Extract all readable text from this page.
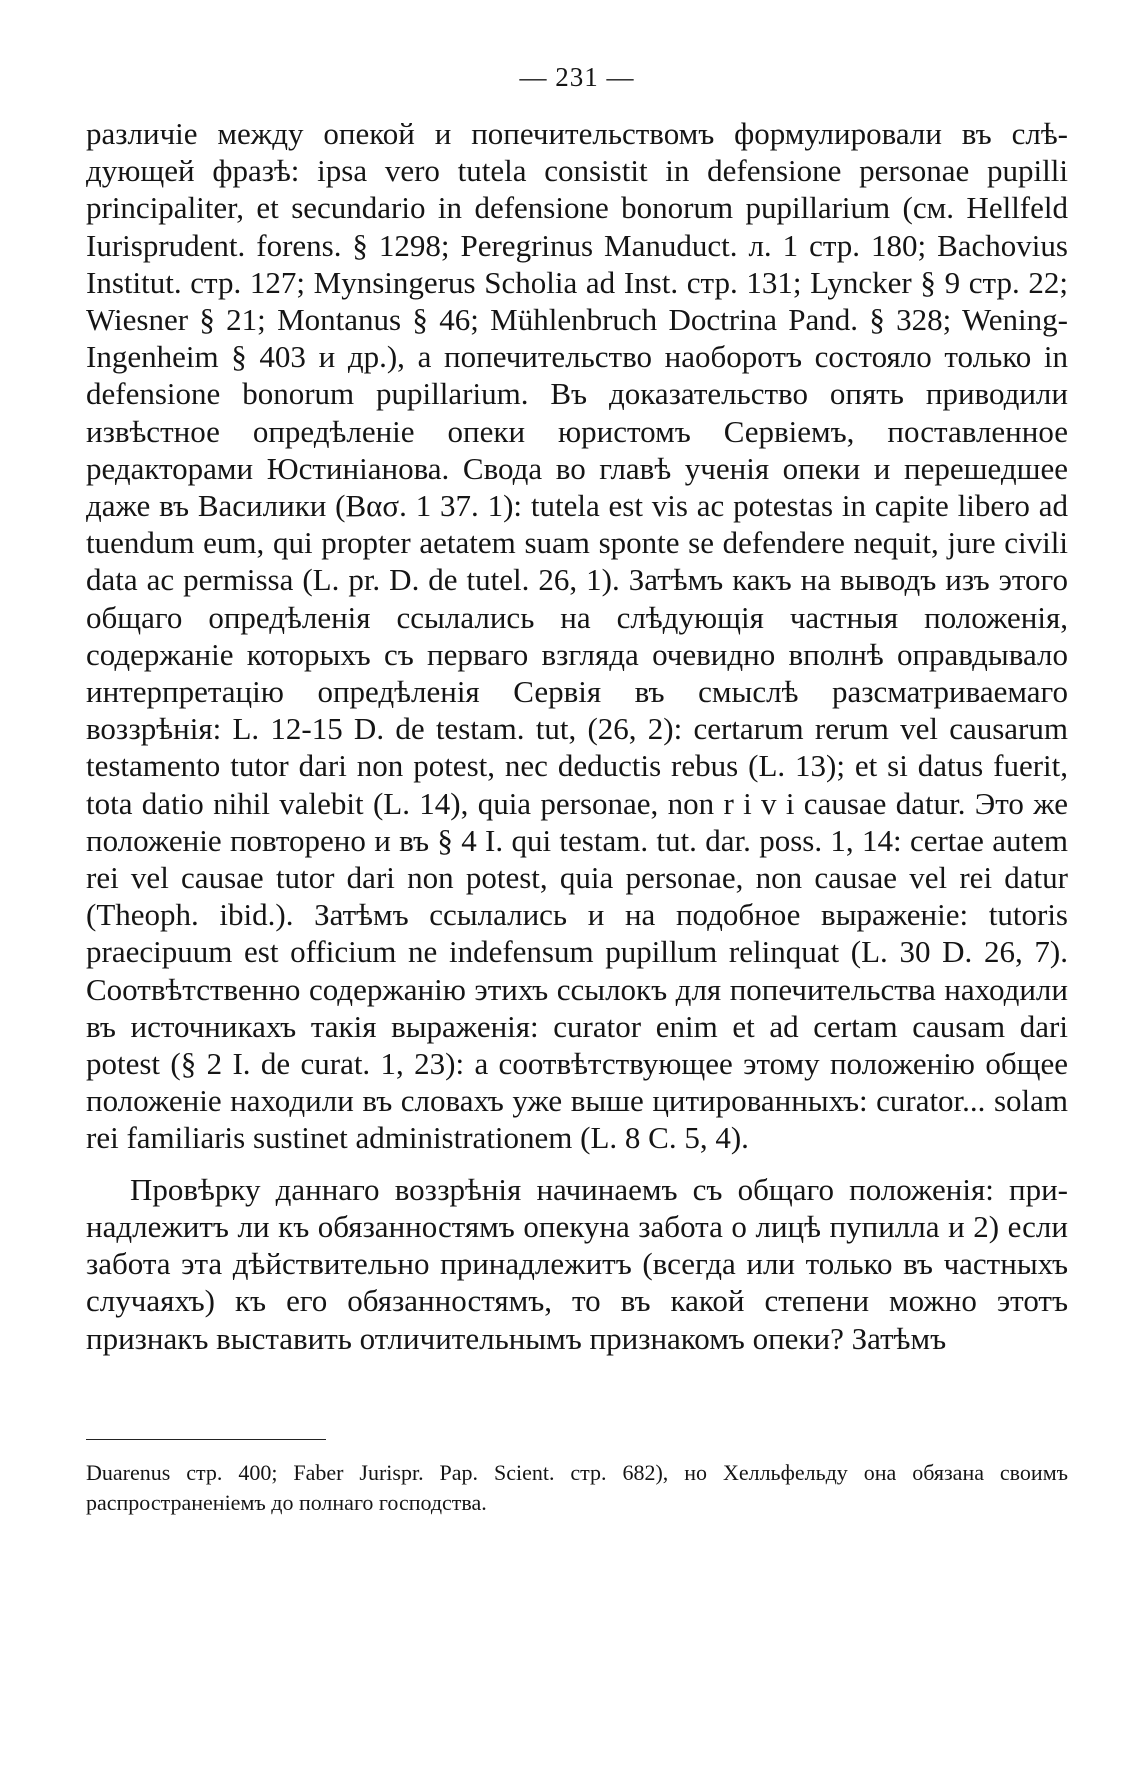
— 231 —

различіе между опекой и попечительствомъ формулировали въ слѣдующей фразѣ: ipsa vero tutela consistit in defensione personae pupilli principaliter, et secundario in defensione bonorum pupillarium (см. Hellfeld Iurisprudent. forens. § 1298; Peregrinus Manuduct. л. 1 стр. 180; Bachovius Institut. стр. 127; Mynsingerus Scholia ad Inst. стр. 131; Lyncker § 9 стр. 22; Wiesner § 21; Montanus § 46; Mühlenbruch Doctrina Pand. § 328; Wening-Ingenheim § 403 и др.), а попечительство наоборотъ состояло только in defensione bonorum pupillarium. Въ доказательство опять приводили извѣстное опредѣленіе опеки юристомъ Сервіемъ, поставленное редакторами Юстиніанова. Свода во главѣ ученія опеки и перешедшее даже въ Василики (Βασ. 1 37. 1): tutela est vis ac potestas in capite libero ad tuendum eum, qui propter aetatem suam sponte se defendere nequit, jure civili data ac permissa (L. pr. D. de tutel. 26, 1). Затѣмъ какъ на выводъ изъ этого общаго опредѣленія ссылались на слѣдующія частныя положенія, содержаніе которыхъ съ перваго взгляда очевидно вполнѣ оправдывало интерпретацію опредѣленія Сервія въ смыслѣ разсматриваемаго воззрѣнія: L. 12-15 D. de testam. tut, (26, 2): certarum rerum vel causarum testamento tutor dari non potest, nec deductis rebus (L. 13); et si datus fuerit, tota datio nihil valebit (L. 14), quia personae, non r i v i causae datur. Это же положеніе повторено и въ § 4 I. qui testam. tut. dar. poss. 1, 14: certae autem rei vel causae tutor dari non potest, quia personae, non causae vel rei datur (Theoph. ibid.). Затѣмъ ссылались и на подобное выраженіе: tutoris praecipuum est officium ne indefensum pupillum relinquat (L. 30 D. 26, 7). Соотвѣтственно содержанію этихъ ссылокъ для попечительства находили въ источникахъ такія выраженія: curator enim et ad certam causam dari potest (§ 2 I. de curat. 1, 23): а соотвѣтствующее этому положенію общее положеніе находили въ словахъ уже выше цитированныхъ: curator... solam rei familiaris sustinet administrationem (L. 8 C. 5, 4).

Провѣрку даннаго воззрѣнія начинаемъ съ общаго положенія: принадлежитъ ли къ обязанностямъ опекуна забота о лицѣ пупилла и 2) если забота эта дѣйствительно принадлежитъ (всегда или только въ частныхъ случаяхъ) къ его обязанностямъ, то въ какой степени можно этотъ признакъ выставить отличительнымъ признакомъ опеки? Затѣмъ

Duarenus стр. 400; Faber Jurispr. Pap. Scient. стр. 682), но Хелльфельду она обязана своимъ распространеніемъ до полнаго господства.
